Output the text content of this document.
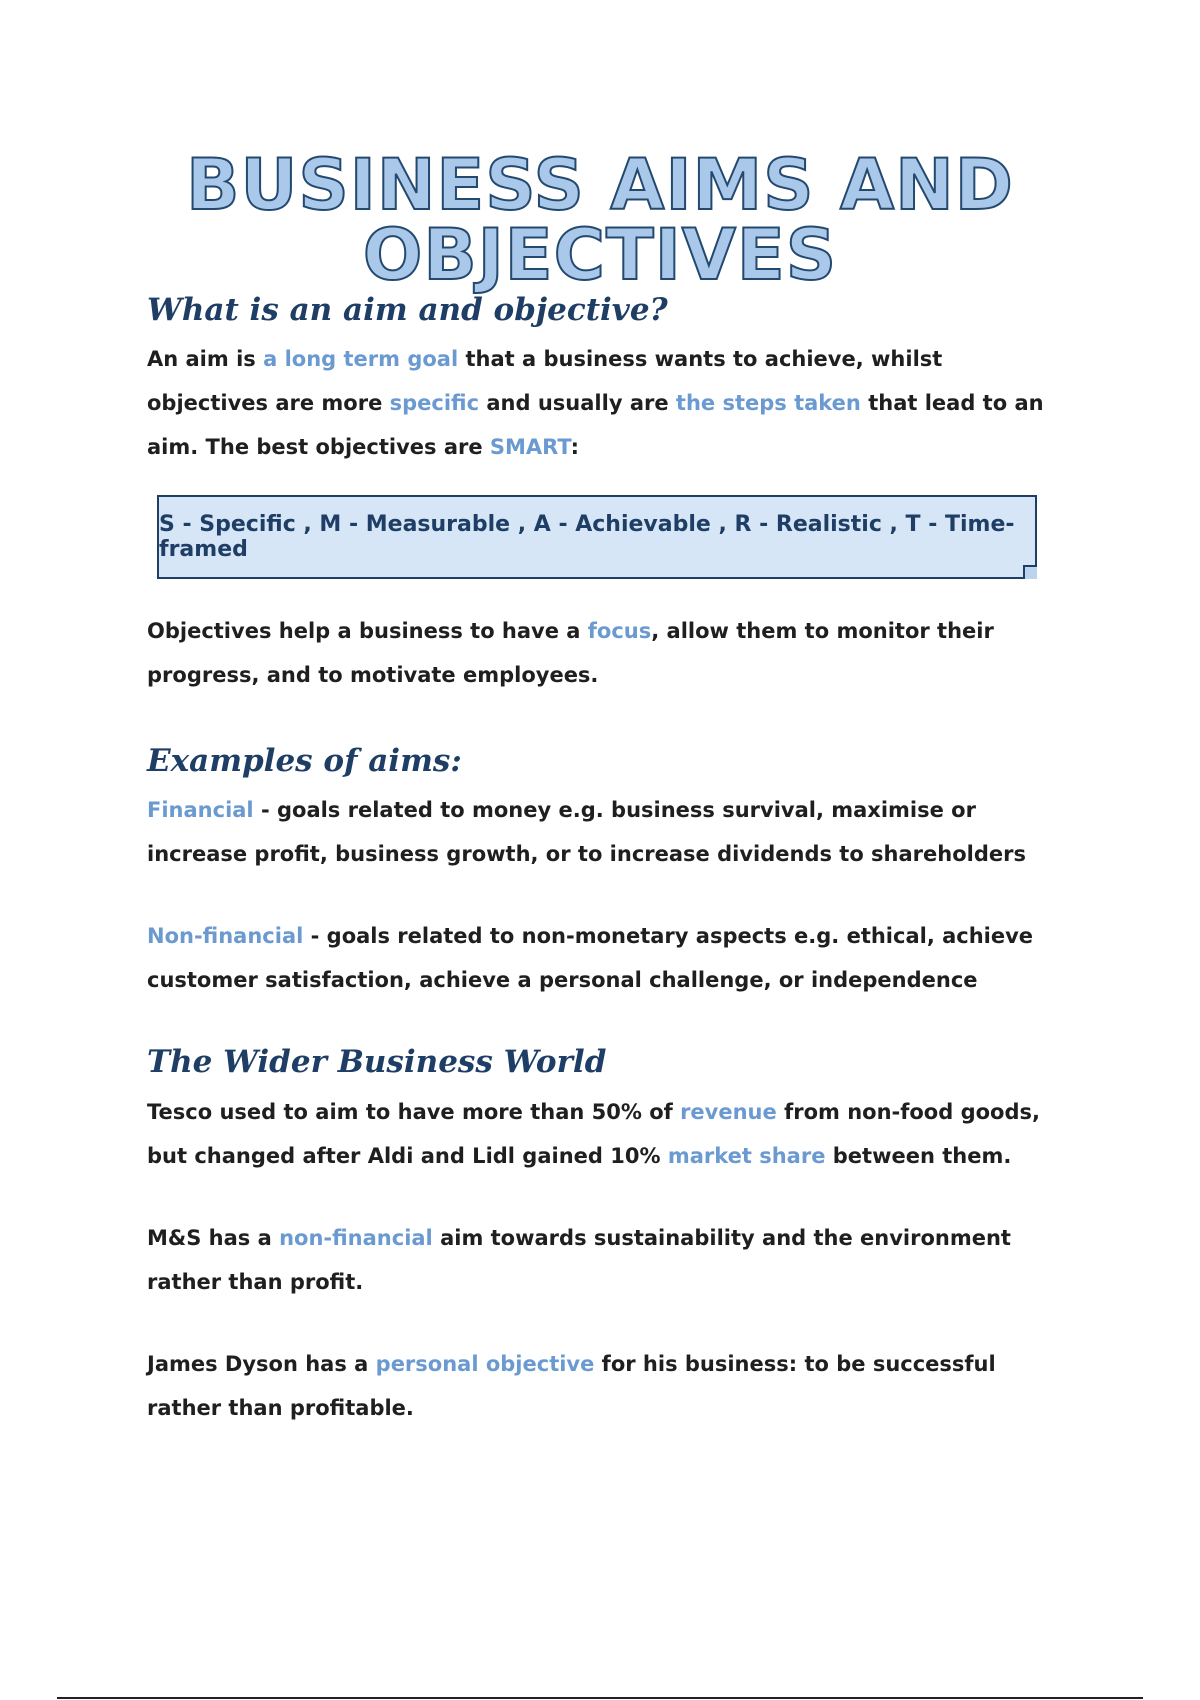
BUSINESS AIMS AND OBJECTIVES
What is an aim and objective?

An aim is a long term goal that a business wants to achieve, whilst objectives are more specific and usually are the steps taken that lead to an aim. The best objectives are SMART:

S - Specific , M - Measurable , A - Achievable , R - Realistic , T - Time-framed

Objectives help a business to have a focus, allow them to monitor their progress, and to motivate employees.

Examples of aims:

Financial - goals related to money e.g. business survival, maximise or increase profit, business growth, or to increase dividends to shareholders

Non-financial - goals related to non-monetary aspects e.g. ethical, achieve customer satisfaction, achieve a personal challenge, or independence

The Wider Business World

Tesco used to aim to have more than 50% of revenue from non-food goods, but changed after Aldi and Lidl gained 10% market share between them.

M&S has a non-financial aim towards sustainability and the environment rather than profit.

James Dyson has a personal objective for his business: to be successful rather than profitable.
